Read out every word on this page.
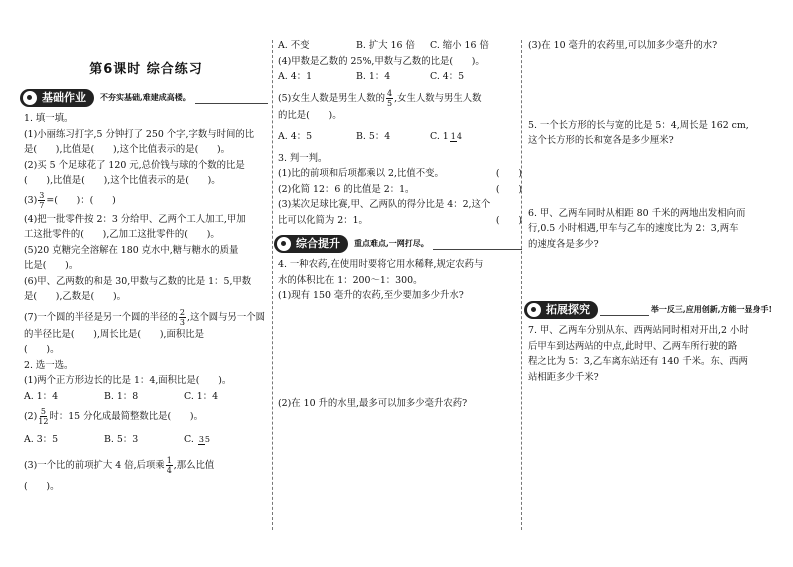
第6课时 综合练习
基础作业	不夯实基础,难建成高楼。
1. 填一填。
(1)小丽练习打字,5 分钟打了 250 个字,字数与时间的比
是(　　),比值是(　　),这个比值表示的是(　　)。
(2)买 5 个足球花了 120 元,总价钱与球的个数的比是
(　　),比值是(　　),这个比值表示的是(　　)。
$(3) \frac{3}{7}$ =(　　)：(　　)
(4)把一批零件按 2：3 分给甲、乙两个工人加工,甲加
工这批零件的(　　),乙加工这批零件的(　　)。
(5)20 克糖完全溶解在 180 克水中,糖与糖水的质量
比是(　　)。
(6)甲、乙两数的和是 30,甲数与乙数的比是 1：5,甲数
是(　　),乙数是(　　)。
(7)一个圆的半径是另一个圆的半径的 $\frac{2}{3}$ ,这个圆与另一个圆
的半径比是(　　),周长比是(　　),面积比是
(　　)。
2. 选一选。
(1)两个正方形边长的比是 1：4,面积比是(　　)。
A. 1：4	B. 1：8	C. 1：4
$(2) \frac{5}{12}$ 时：15 分化成最简整数比是(　　)。
A. 3：5	B. 5：3	C. 35
(3)一个比的前项扩大 4 倍,后项乘 $\frac{1}{4}$ ,那么比值
(　　)。
A. 不变	B. 扩大 16 倍	C. 缩小 16 倍
(4)甲数是乙数的 25%,甲数与乙数的比是(　　)。
A. 4：1	B. 1：4	C. 4：5
(5)女生人数是男生人数的 $\frac{4}{5}$ ,女生人数与男生人数
的比是(　　)。
A. 4：5	B. 5：4	C. 1 14
3. 判一判。
(1)比的前项和后项都乘以 2,比值不变。	(　　)
(2)化简 12：6 的比值是 2：1。	(　　)
(3)某次足球比赛,甲、乙两队的得分比是 4：2,这个
比可以化简为 2：1。	(　　)
综合提升	重点难点,一网打尽。
4. 一种农药,在使用时要将它用水稀释,规定农药与
水的体积比在 1：200～1：300。
(1)现有 150 毫升的农药,至少要加多少升水?
(2)在 10 升的水里,最多可以加多少毫升农药?
(3)在 10 毫升的农药里,可以加多少毫升的水?
5. 一个长方形的长与宽的比是 5：4,周长是 162 cm,
这个长方形的长和宽各是多少厘米?
6. 甲、乙两车同时从相距 80 千米的两地出发相向而
行,0.5 小时相遇,甲车与乙车的速度比为 2：3,两车
的速度各是多少?
拓展探究	举一反三,应用创新,方能一显身手!
7. 甲、乙两车分别从东、西两站同时相对开出,2 小时
后甲车到达两站的中点,此时甲、乙两车所行驶的路
程之比为 5：3,乙车离东站还有 140 千米。东、西两
站相距多少千米?
